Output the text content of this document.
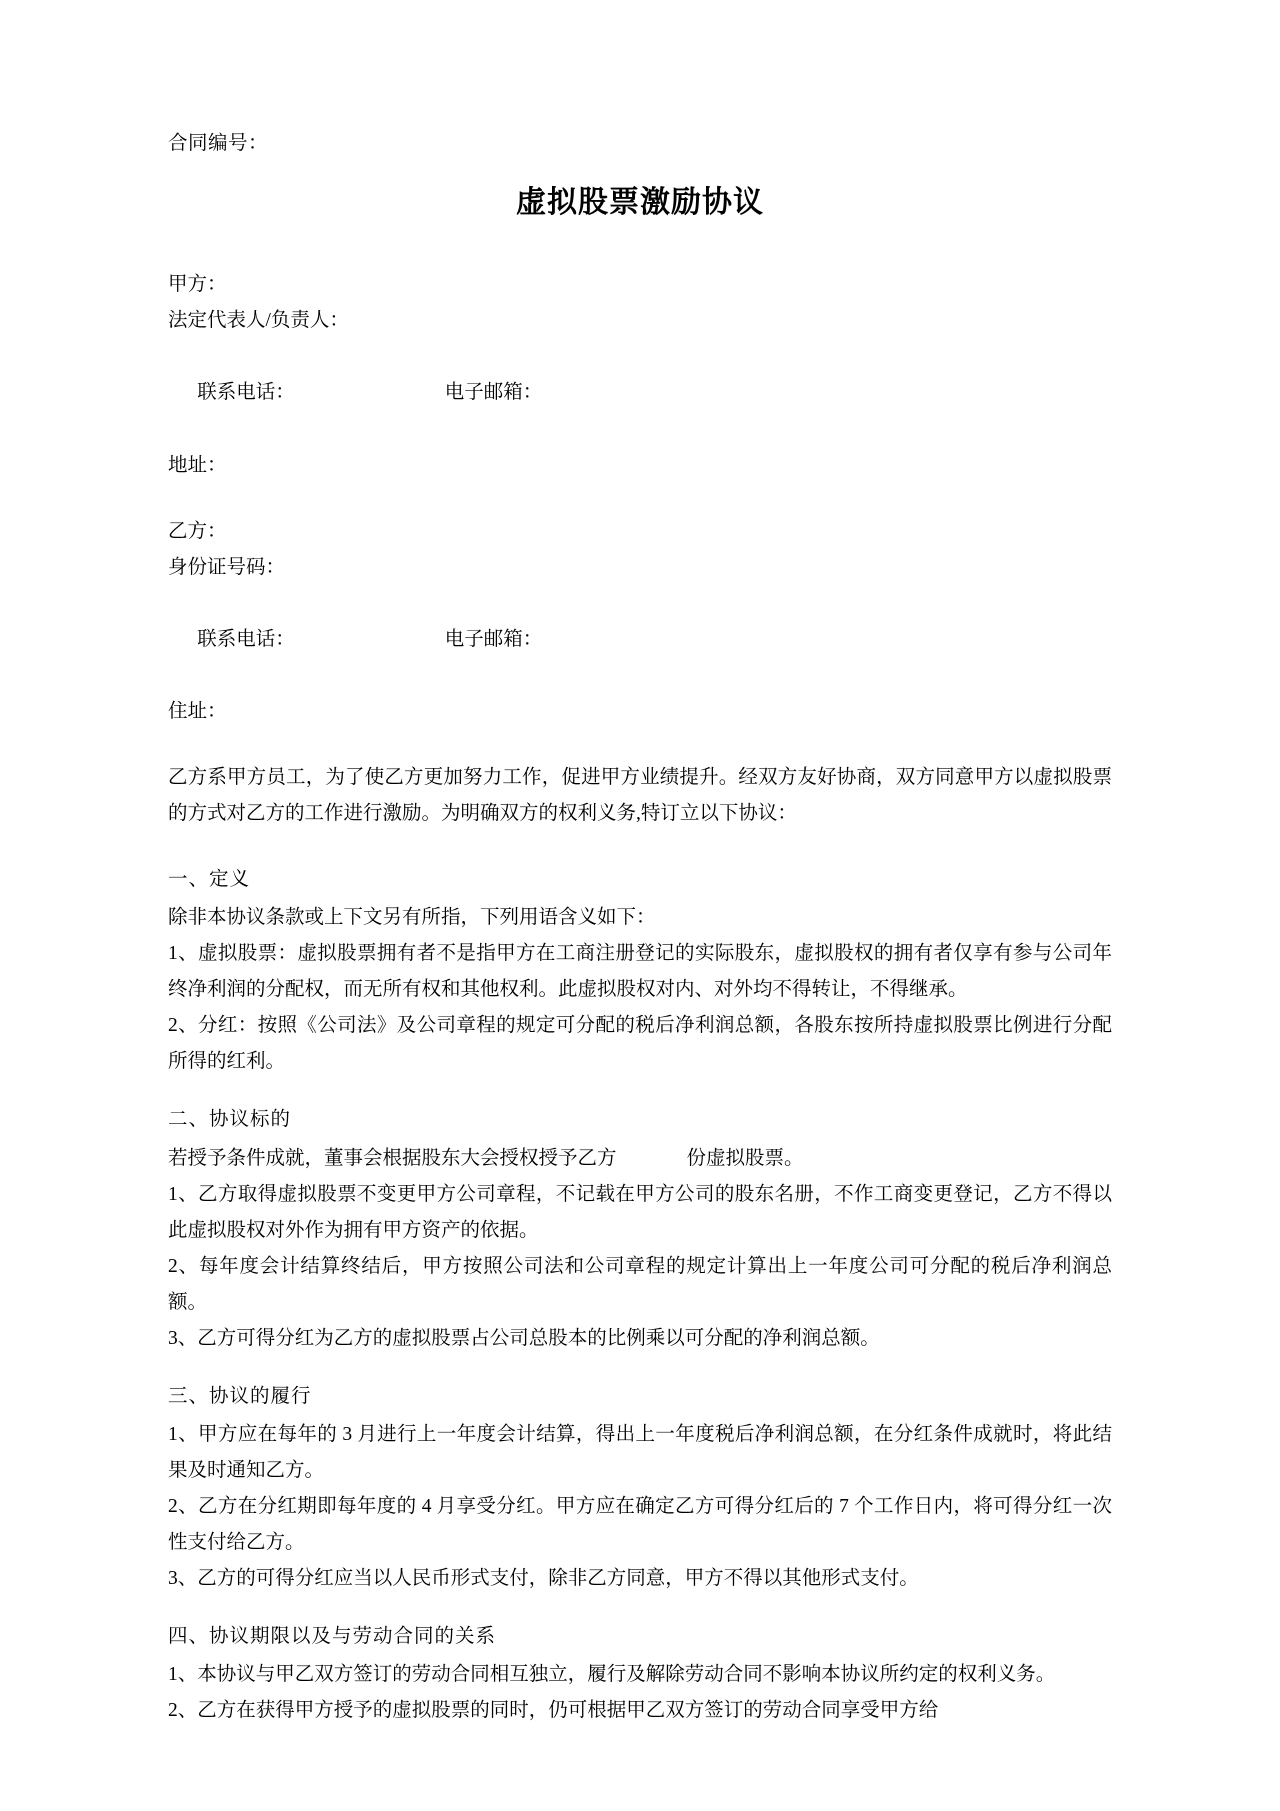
合同编号：
虚拟股票激励协议
甲方：
法定代表人/负责人：

联系电话：	电子邮箱：

地址：
乙方：
身份证号码：

联系电话：	电子邮箱：

住址：

乙方系甲方员工，为了使乙方更加努力工作，促进甲方业绩提升。经双方友好协商，双方同意甲方以虚拟股票的方式对乙方的工作进行激励。为明确双方的权利义务,特订立以下协议：

一、定义

除非本协议条款或上下文另有所指，下列用语含义如下：

1、虚拟股票：虚拟股票拥有者不是指甲方在工商注册登记的实际股东，虚拟股权的拥有者仅享有参与公司年终净利润的分配权，而无所有权和其他权利。此虚拟股权对内、对外均不得转让，不得继承。

2、分红：按照《公司法》及公司章程的规定可分配的税后净利润总额，各股东按所持虚拟股票比例进行分配所得的红利。

二、协议标的

若授予条件成就，董事会根据股东大会授权授予乙方	份虚拟股票。

1、乙方取得虚拟股票不变更甲方公司章程，不记载在甲方公司的股东名册，不作工商变更登记，乙方不得以此虚拟股权对外作为拥有甲方资产的依据。

2、每年度会计结算终结后，甲方按照公司法和公司章程的规定计算出上一年度公司可分配的税后净利润总额。

3、乙方可得分红为乙方的虚拟股票占公司总股本的比例乘以可分配的净利润总额。

三、协议的履行

1、甲方应在每年的 3 月进行上一年度会计结算，得出上一年度税后净利润总额，在分红条件成就时，将此结果及时通知乙方。

2、乙方在分红期即每年度的 4 月享受分红。甲方应在确定乙方可得分红后的 7 个工作日内，将可得分红一次性支付给乙方。

3、乙方的可得分红应当以人民币形式支付，除非乙方同意，甲方不得以其他形式支付。

四、协议期限以及与劳动合同的关系

1、本协议与甲乙双方签订的劳动合同相互独立，履行及解除劳动合同不影响本协议所约定的权利义务。

2、乙方在获得甲方授予的虚拟股票的同时，仍可根据甲乙双方签订的劳动合同享受甲方给
